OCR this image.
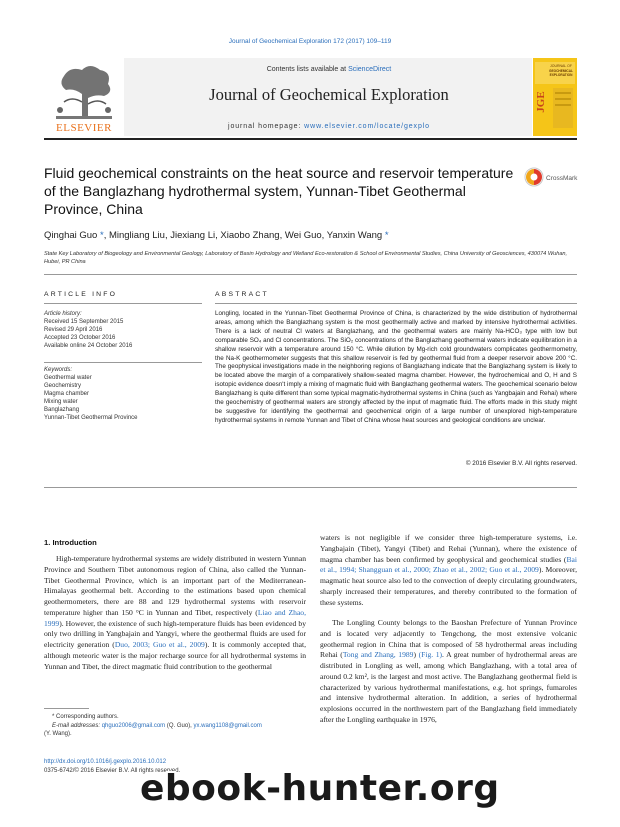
Journal of Geochemical Exploration 172 (2017) 109–119
ELSEVIER
Contents lists available at ScienceDirect
Journal of Geochemical Exploration
journal homepage: www.elsevier.com/locate/gexplo
JOURNAL OF
GEOCHEMICAL
EXPLORATION
JGE
Fluid geochemical constraints on the heat source and reservoir temperature of the Banglazhang hydrothermal system, Yunnan-Tibet Geothermal Province, China
CrossMark
Qinghai Guo *, Mingliang Liu, Jiexiang Li, Xiaobo Zhang, Wei Guo, Yanxin Wang *
State Key Laboratory of Biogeology and Environmental Geology, Laboratory of Basin Hydrology and Wetland Eco-restoration & School of Environmental Studies, China University of Geosciences, 430074 Wuhan, Hubei, PR China
ARTICLE INFO	ABSTRACT
Article history:
Received 15 September 2015
Revised 29 April 2016
Accepted 23 October 2016
Available online 24 October 2016
Keywords:
Geothermal water
Geochemistry
Magma chamber
Mixing water
Banglazhang
Yunnan-Tibet Geothermal Province
Longling, located in the Yunnan-Tibet Geothermal Province of China, is characterized by the wide distribution of hydrothermal areas, among which the Banglazhang system is the most geothermally active and marked by intensive hydrothermal activities. There is a lack of neutral Cl waters at Banglazhang, and the geothermal waters are mainly Na-HCO₃ type with low but comparable SO₄ and Cl concentrations. The SiO₂ concentrations of the Banglazhang geothermal waters indicate equilibration in a shallow reservoir with a temperature around 150 °C. While dilution by Mg-rich cold groundwaters complicates geothermometry, the Na-K geothermometer suggests that this shallow reservoir is fed by geothermal fluid from a deeper reservoir above 200 °C. The geophysical investigations made in the neighboring regions of Banglazhang indicate that the Banglazhang system is likely to be located above the margin of a comparatively shallow-seated magma chamber. However, the hydrochemical and O, H and S isotopic evidence doesn't imply a mixing of magmatic fluid with Banglazhang geothermal waters. The geochemical scenario below Banglazhang is quite different than some typical magmatic-hydrothermal systems in China (such as Yangbajain and Rehai) where the geochemistry of geothermal waters are strongly affected by the input of magmatic fluid. The efforts made in this study might be suggestive for identifying the geothermal and geochemical origin of a large number of unexplored high-temperature hydrothermal systems in remote Yunnan and Tibet of China whose heat sources and geological conditions are unclear.
© 2016 Elsevier B.V. All rights reserved.
1. Introduction
High-temperature hydrothermal systems are widely distributed in western Yunnan Province and Southern Tibet autonomous region of China, also called the Yunnan-Tibet Geothermal Province, which is an important part of the Mediterranean-Himalayas geothermal belt. According to the estimations based upon chemical geothermometers, there are 88 and 129 hydrothermal systems with reservoir temperature higher than 150 °C in Yunnan and Tibet, respectively (Liao and Zhao, 1999). However, the existence of such high-temperature fluids has been evidenced by only two drilling in Yangbajain and Yangyi, where the geothermal fluids are used for electricity generation (Duo, 2003; Guo et al., 2009). It is commonly accepted that, although meteoric water is the major recharge source for all hydrothermal systems in Yunnan and Tibet, the direct magmatic fluid contribution to the geothermal
waters is not negligible if we consider three high-temperature systems, i.e. Yangbajain (Tibet), Yangyi (Tibet) and Rehai (Yunnan), where the existence of magma chamber has been confirmed by geophysical and geochemical studies (Bai et al., 1994; Shangguan et al., 2000; Zhao et al., 2002; Guo et al., 2009). Moreover, magmatic heat source also led to the convection of deeply circulating groundwaters, sharply increased their temperatures, and thereby contributed to the formation of these systems.
The Longling County belongs to the Baoshan Prefecture of Yunnan Province and is located very adjacently to Tengchong, the most extensive volcanic geothermal region in China that is composed of 58 hydrothermal areas including Rehai (Tong and Zhang, 1989) (Fig. 1). A great number of hydrothermal areas are distributed in Longling as well, among which Banglazhang, with a total area of around 0.2 km², is the largest and most active. The Banglazhang geothermal field is characterized by various hydrothermal manifestations, e.g. hot springs, fumaroles and intensive hydrothermal alteration. In addition, a series of hydrothermal explosions occurred in the northwestern part of the Banglazhang field immediately after the Longling earthquake in 1976,
* Corresponding authors.
E-mail addresses: qhguo2006@gmail.com (Q. Guo), yx.wang1108@gmail.com
(Y. Wang).
http://dx.doi.org/10.1016/j.gexplo.2016.10.012
0375-6742/© 2016 Elsevier B.V. All rights reserved.
ebook-hunter.org
